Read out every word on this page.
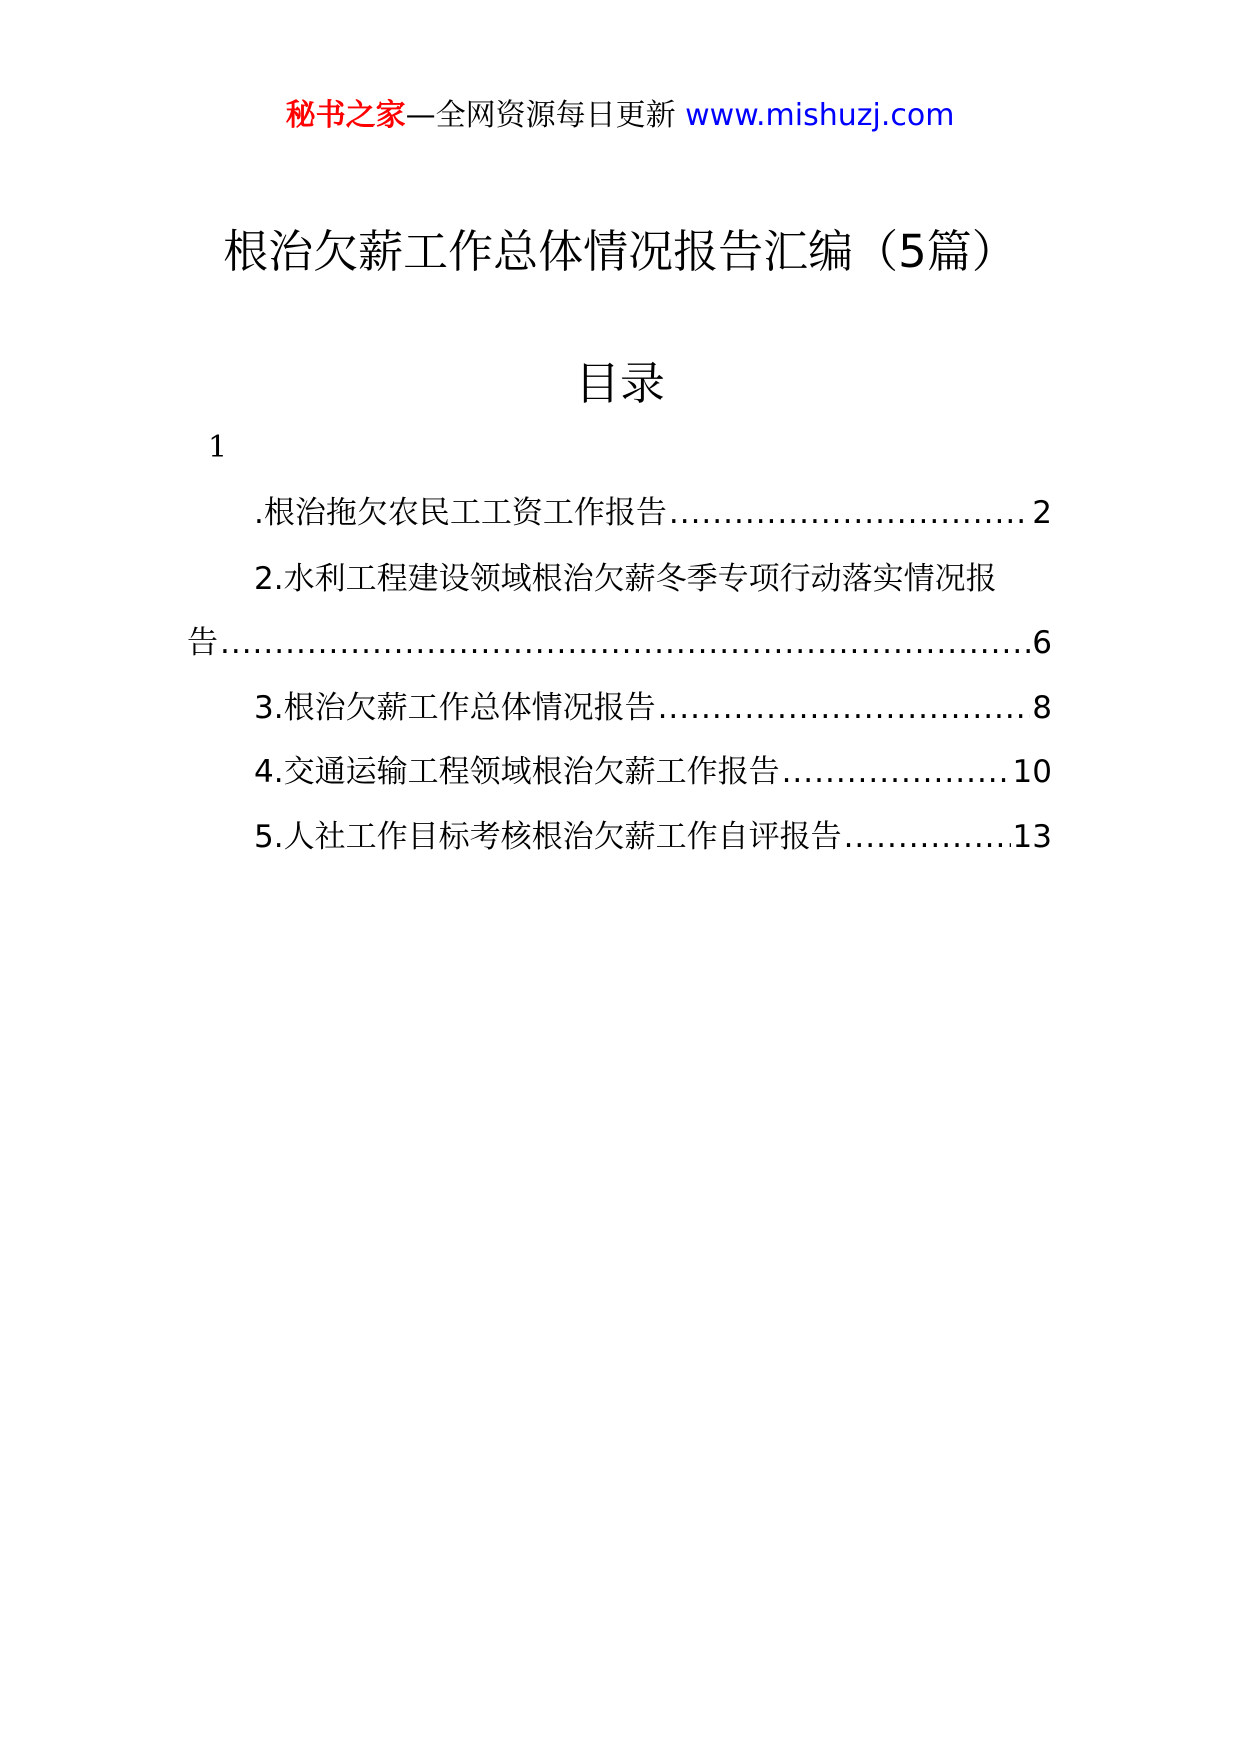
秘书之家—全网资源每日更新 www.mishuzj.com
根治欠薪工作总体情况报告汇编（5篇）
目录
1
.根治拖欠农民工工资工作报告 .....	2
2.水利工程建设领域根治欠薪冬季专项行动落实情况报
告 .....	6
3.根治欠薪工作总体情况报告 .....	8
4.交通运输工程领域根治欠薪工作报告 .....	10
5.人社工作目标考核根治欠薪工作自评报告 .....	13
